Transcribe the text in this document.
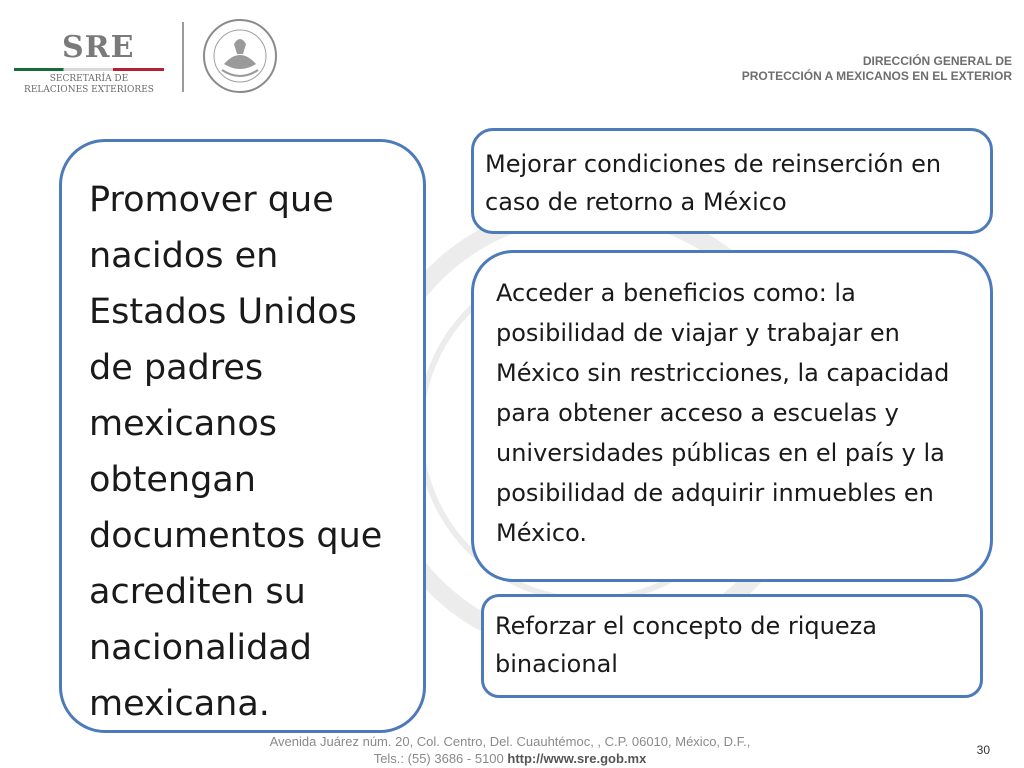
SRE
SECRETARÍA DE
RELACIONES EXTERIORES
DIRECCIÓN GENERAL DE
PROTECCIÓN A MEXICANOS EN EL EXTERIOR
Promover que nacidos en Estados Unidos de padres mexicanos obtengan documentos que acrediten su nacionalidad mexicana.
Mejorar condiciones de reinserción en caso de retorno a México
Acceder a beneficios como: la posibilidad de viajar y trabajar en México sin restricciones, la capacidad para obtener acceso a escuelas y universidades públicas en el país y la posibilidad de adquirir inmuebles en México.
Reforzar el concepto de riqueza binacional
Avenida Juárez núm. 20, Col. Centro, Del. Cuauhtémoc, , C.P. 06010, México, D.F.,
Tels.: (55) 3686 - 5100 http://www.sre.gob.mx
30
